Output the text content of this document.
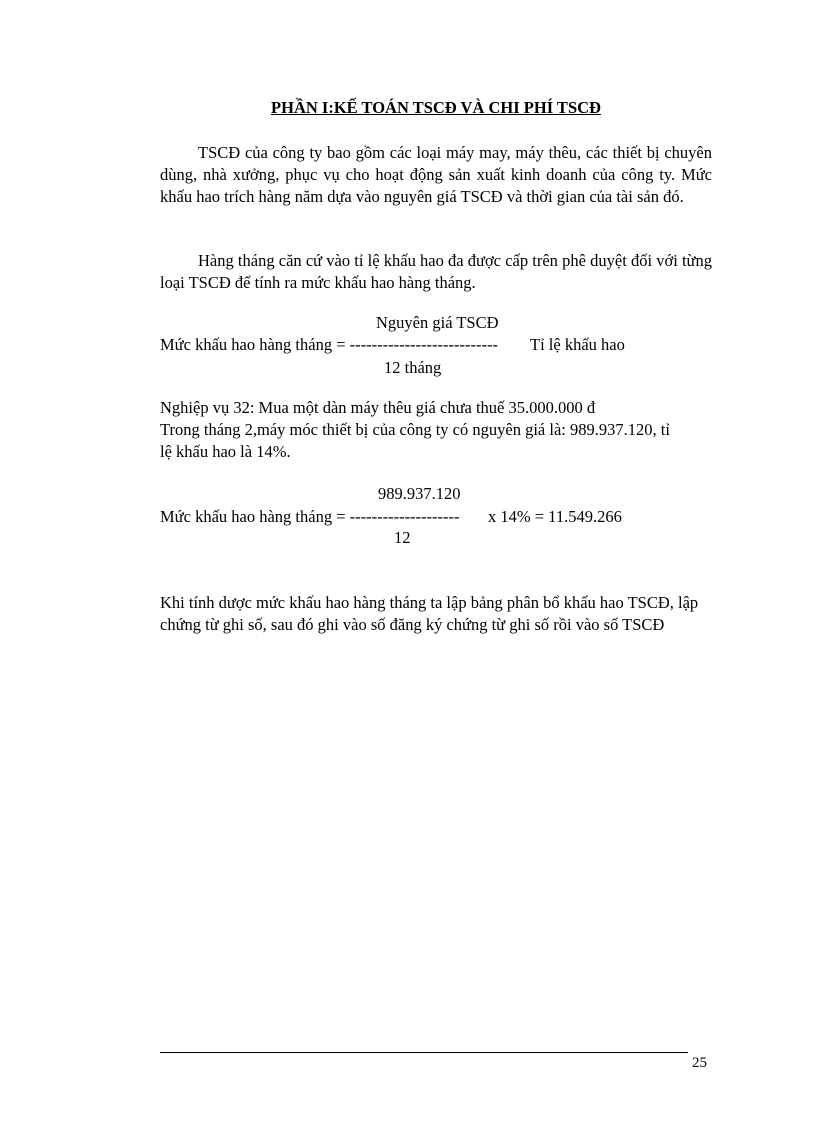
PHẦN I:KẾ TOÁN TSCĐ VÀ CHI PHÍ TSCĐ

TSCĐ của công ty bao gồm các loại máy may, máy thêu, các thiết bị chuyên dùng, nhà xưởng, phục vụ cho hoạt động sản xuất kinh doanh của công ty. Mức khấu hao trích hàng năm dựa vào nguyên giá TSCĐ và thời gian của tài sản đó.

Hàng tháng căn cứ vào tỉ lệ khấu hao đa được cấp trên phê duyệt đối với từng loại TSCĐ để tính ra mức khấu hao hàng tháng.

Nguyên giá TSCĐ
Mức khấu hao hàng tháng = --------------------------- Tỉ lệ khấu hao
12 tháng
Nghiệp vụ 32: Mua một dàn máy thêu giá chưa thuế 35.000.000 đ
Trong tháng 2,máy móc thiết bị của công ty có nguyên giá là: 989.937.120, tỉ
lệ khấu hao là 14%.
989.937.120
Mức khấu hao hàng tháng = -------------------- x 14% = 11.549.266
12

Khi tính dược mức khấu hao hàng tháng ta lập bảng phân bổ khấu hao TSCĐ, lập chứng từ ghi số, sau đó ghi vào số đăng ký chứng từ ghi số rồi vào số TSCĐ

25
